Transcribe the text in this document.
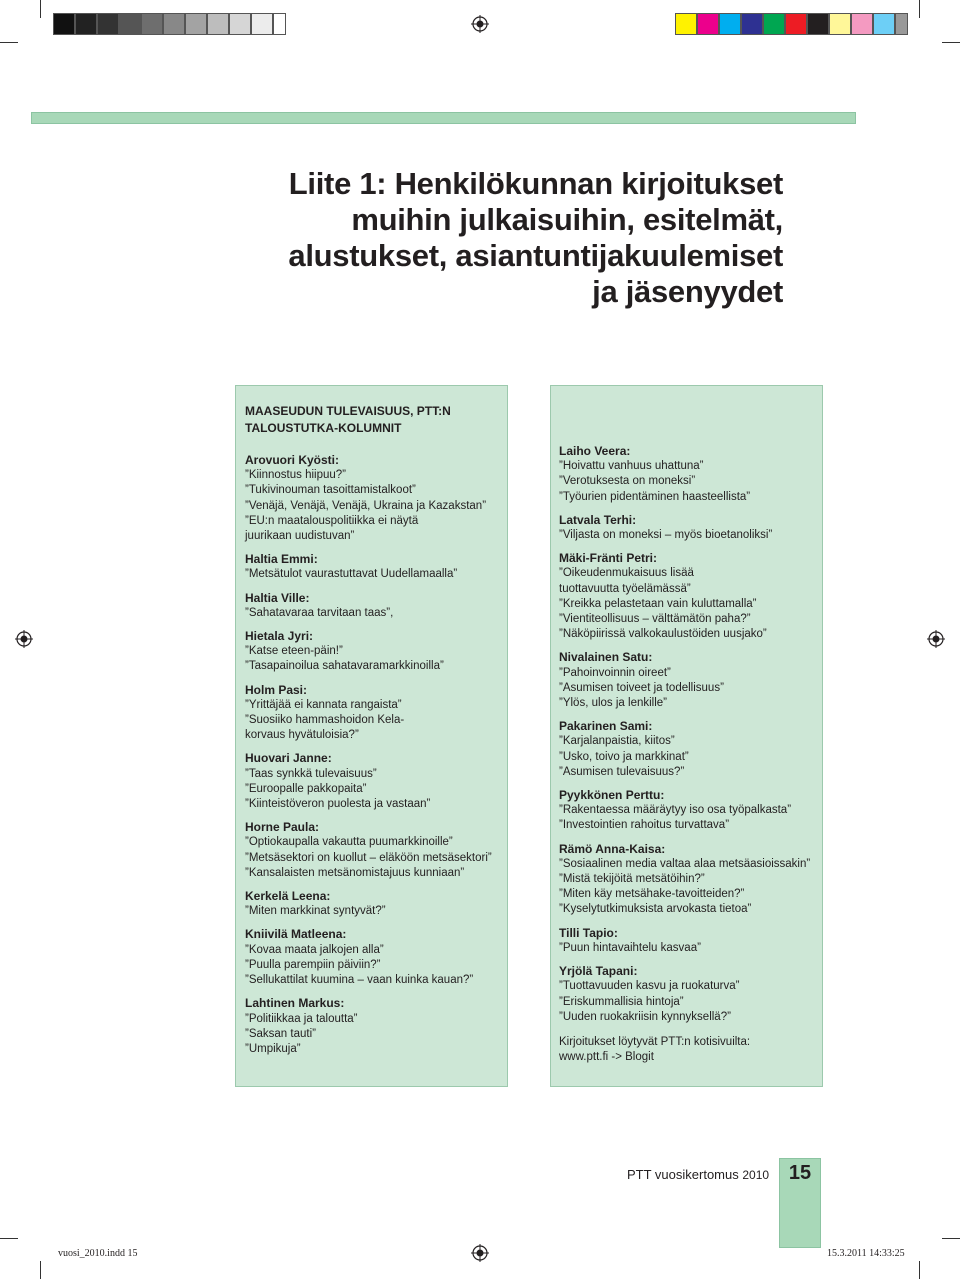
Liite 1: Henkilökunnan kirjoitukset
muihin julkaisuihin, esitelmät,
alustukset, asiantuntijakuulemiset
ja jäsenyydet
MAASEUDUN TULEVAISUUS, PTT:N
TALOUSTUTKA-KOLUMNIT
Arovuori Kyösti:
”Kiinnostus hiipuu?”
”Tukivinouman tasoittamistalkoot”
”Venäjä, Venäjä, Venäjä, Ukraina ja Kazakstan”
”EU:n maatalouspolitiikka ei näytä
juurikaan uudistuvan”
Haltia Emmi:
”Metsätulot vaurastuttavat Uudellamaalla”
Haltia Ville:
”Sahatavaraa tarvitaan taas”,
Hietala Jyri:
”Katse eteen-päin!”
”Tasapainoilua sahatavaramarkkinoilla”
Holm Pasi:
”Yrittäjää ei kannata rangaista”
”Suosiiko hammashoidon Kela-
korvaus hyvätuloisia?”
Huovari Janne:
”Taas synkkä tulevaisuus”
”Euroopalle pakkopaita”
”Kiinteistöveron puolesta ja vastaan”
Horne Paula:
”Optiokaupalla vakautta puumarkkinoille”
”Metsäsektori on kuollut – eläköön metsäsektori”
”Kansalaisten metsänomistajuus kunniaan”
Kerkelä Leena:
”Miten markkinat syntyvät?”
Kniivilä Matleena:
”Kovaa maata jalkojen alla”
”Puulla parempiin päiviin?”
”Sellukattilat kuumina – vaan kuinka kauan?”
Lahtinen Markus:
”Politiikkaa ja taloutta”
”Saksan tauti”
”Umpikuja”
Laiho Veera:
”Hoivattu vanhuus uhattuna”
”Verotuksesta on moneksi”
”Työurien pidentäminen haasteellista”
Latvala Terhi:
”Viljasta on moneksi – myös bioetanoliksi”
Mäki-Fränti Petri:
”Oikeudenmukaisuus lisää
tuottavuutta työelämässä”
”Kreikka pelastetaan vain kuluttamalla”
”Vientiteollisuus – välttämätön paha?”
”Näköpiirissä valkokaulustöiden uusjako”
Nivalainen Satu:
”Pahoinvoinnin oireet”
”Asumisen toiveet ja todellisuus”
”Ylös, ulos ja lenkille”
Pakarinen Sami:
”Karjalanpaistia, kiitos”
”Usko, toivo ja markkinat”
”Asumisen tulevaisuus?”
Pyykkönen Perttu:
”Rakentaessa määräytyy iso osa työpalkasta”
”Investointien rahoitus turvattava”
Rämö Anna-Kaisa:
”Sosiaalinen media valtaa alaa metsäasioissakin”
”Mistä tekijöitä metsätöihin?”
”Miten käy metsähake-tavoitteiden?”
”Kyselytutkimuksista arvokasta tietoa”
Tilli Tapio:
”Puun hintavaihtelu kasvaa”
Yrjölä Tapani:
”Tuottavuuden kasvu ja ruokaturva”
”Eriskummallisia hintoja”
”Uuden ruokakriisin kynnyksellä?”
Kirjoitukset löytyvät PTT:n kotisivuilta:
www.ptt.fi -> Blogit
PTT vuosikertomus 2010 15
vuosi_2010.indd 15	15.3.2011 14:33:25
